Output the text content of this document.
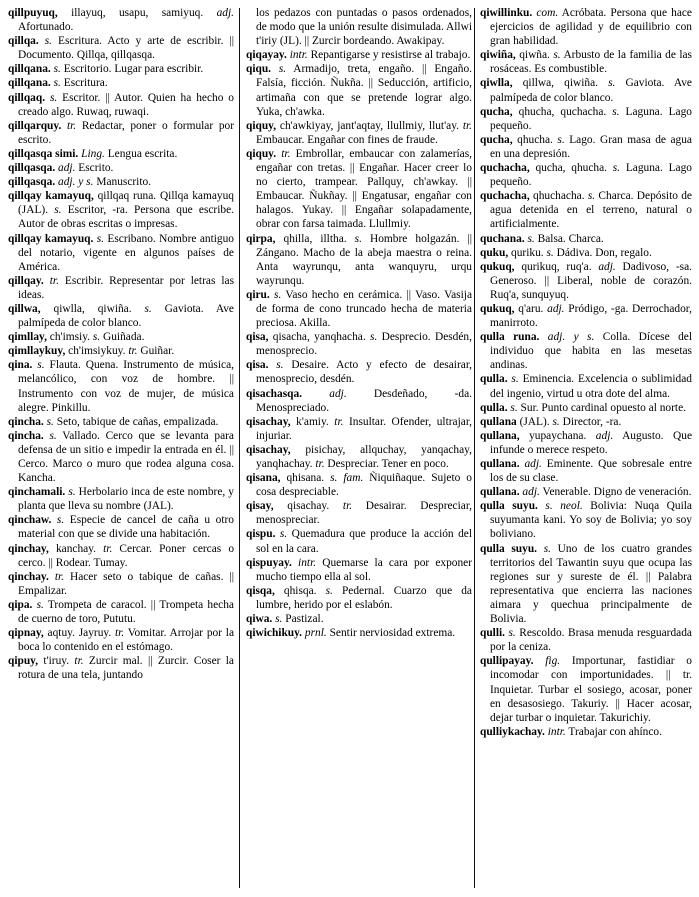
qillpuyuq, illayuq, usapu, samiyuq. adj. Afortunado.

qillqa. s. Escritura. Acto y arte de escribir. || Documento. Qillqa, qillqasqa.

qillqana. s. Escritorio. Lugar para escribir.

qillqana. s. Escritura.

qillqaq. s. Escritor. || Autor. Quien ha hecho o creado algo. Ruwaq, ruwaqi.

qillqarquy. tr. Redactar, poner o formular por escrito.

qillqasqa simi. Ling. Lengua escrita.

qillqasqa. adj. Escrito.

qillqasqa. adj. y s. Manuscrito.

qillqay kamayuq, qillqaq runa. Qillqa kamayuq (JAL). s. Escritor, -ra. Persona que escribe. Autor de obras escritas o impresas.

qillqay kamayuq. s. Escribano. Nombre antiguo del notario, vigente en algunos países de América.

qillqay. tr. Escribir. Representar por letras las ideas.

qillwa, qiwlla, qiwiña. s. Gaviota. Ave palmípeda de color blanco.

qimllay, ch'imsiy. s. Guiñada.

qimllaykuy, ch'imsiykuy. tr. Guiñar.

qina. s. Flauta. Quena. Instrumento de música, melancólico, con voz de hombre. || Instrumento con voz de mujer, de música alegre. Pinkillu.

qincha. s. Seto, tabique de cañas, empalizada.

qincha. s. Vallado. Cerco que se levanta para defensa de un sitio e impedir la entrada en él. || Cerco. Marco o muro que rodea alguna cosa. Kancha.

qinchamali. s. Herbolario inca de este nombre, y planta que lleva su nombre (JAL).

qinchaw. s. Especie de cancel de caña u otro material con que se divide una habitación.

qinchay, kanchay. tr. Cercar. Poner cercas o cerco. || Rodear. Tumay.

qinchay. tr. Hacer seto o tabique de cañas. || Empalizar.

qipa. s. Trompeta de caracol. || Trompeta hecha de cuerno de toro, Pututu.

qipnay, aqtuy. Jayruy. tr. Vomitar. Arrojar por la boca lo contenido en el estómago.

qipuy, t'iruy. tr. Zurcir mal. || Zurcir. Coser la rotura de una tela, juntando

los pedazos con puntadas o pasos ordenados, de modo que la unión resulte disimulada. Allwi t'iriy (JL). || Zurcir bordeando. Awakipay.

qiqayay. intr. Repantigarse y resistirse al trabajo.

qiqu. s. Armadijo, treta, engaño. || Engaño. Falsía, ficción. Ñukña. || Seducción, artificio, artimaña con que se pretende lograr algo. Yuka, ch'awka.

qiquy, ch'awkiyay, jant'aqtay, llullmiy, llut'ay. tr. Embaucar. Engañar con fines de fraude.

qiquy. tr. Embrollar, embaucar con zalamerías, engañar con tretas. || Engañar. Hacer creer lo no cierto, trampear. Pallquy, ch'awkay. || Embaucar. Ñukñay. || Engatusar, engañar con halagos. Yukay. || Engañar solapadamente, obrar con farsa taimada. Llullmiy.

qirpa, qhilla, illtha. s. Hombre holgazán. || Zángano. Macho de la abeja maestra o reina. Anta wayrunqu, anta wanquyru, urqu wayrunqu.

qiru. s. Vaso hecho en cerámica. || Vaso. Vasija de forma de cono truncado hecha de materia preciosa. Akilla.

qisa, qisacha, yanqhacha. s. Desprecio. Desdén, menosprecio.

qisa. s. Desaire. Acto y efecto de desairar, menosprecio, desdén.

qisachasqa. adj. Desdeñado, -da. Menospreciado.

qisachay, k'amiy. tr. Insultar. Ofender, ultrajar, injuriar.

qisachay, pisichay, allquchay, yanqachay, yanqhachay. tr. Despreciar. Tener en poco.

qisana, qhisana. s. fam. Ñiquiñaque. Sujeto o cosa despreciable.

qisay, qisachay. tr. Desairar. Despreciar, menospreciar.

qispu. s. Quemadura que produce la acción del sol en la cara.

qispuyay. intr. Quemarse la cara por exponer mucho tiempo ella al sol.

qisqa, qhisqa. s. Pedernal. Cuarzo que da lumbre, herido por el eslabón.

qiwa. s. Pastizal.

qiwichikuy. prnl. Sentir nerviosidad extrema.

qiwillinku. com. Acróbata. Persona que hace ejercicios de agilidad y de equilibrio con gran habilidad.

qiwiña, qiwña. s. Arbusto de la familia de las rosáceas. Es combustible.

qiwlla, qillwa, qiwiña. s. Gaviota. Ave palmípeda de color blanco.

qucha, qhucha, quchacha. s. Laguna. Lago pequeño.

qucha, qhucha. s. Lago. Gran masa de agua en una depresión.

quchacha, qucha, qhucha. s. Laguna. Lago pequeño.

quchacha, qhuchacha. s. Charca. Depósito de agua detenida en el terreno, natural o artificialmente.

quchana. s. Balsa. Charca.

quku, quriku. s. Dádiva. Don, regalo.

qukuq, qurikuq, ruq'a. adj. Dadivoso, -sa. Generoso. || Liberal, noble de corazón. Ruq'a, sunquyuq.

qukuq, q'aru. adj. Pródigo, -ga. Derrochador, manirroto.

qulla runa. adj. y s. Colla. Dícese del individuo que habita en las mesetas andinas.

qulla. s. Eminencia. Excelencia o sublimidad del ingenio, virtud u otra dote del alma.

qulla. s. Sur. Punto cardinal opuesto al norte.

qullana (JAL). s. Director, -ra.

qullana, yupaychana. adj. Augusto. Que infunde o merece respeto.

qullana. adj. Eminente. Que sobresale entre los de su clase.

qullana. adj. Venerable. Digno de veneración.

qulla suyu. s. neol. Bolivia: Nuqa Quila suyumanta kani. Yo soy de Bolivia; yo soy boliviano.

qulla suyu. s. Uno de los cuatro grandes territorios del Tawantin suyu que ocupa las regiones sur y sureste de él. || Palabra representativa que encierra las naciones aimara y quechua principalmente de Bolivia.

qulli. s. Rescoldo. Brasa menuda resguardada por la ceniza.

qullipayay. fig. Importunar, fastidiar o incomodar con importunidades. || tr. Inquietar. Turbar el sosiego, acosar, poner en desasosiego. Takuriy. || Hacer acosar, dejar turbar o inquietar. Takurichiy.

qulliykachay. intr. Trabajar con ahínco.
